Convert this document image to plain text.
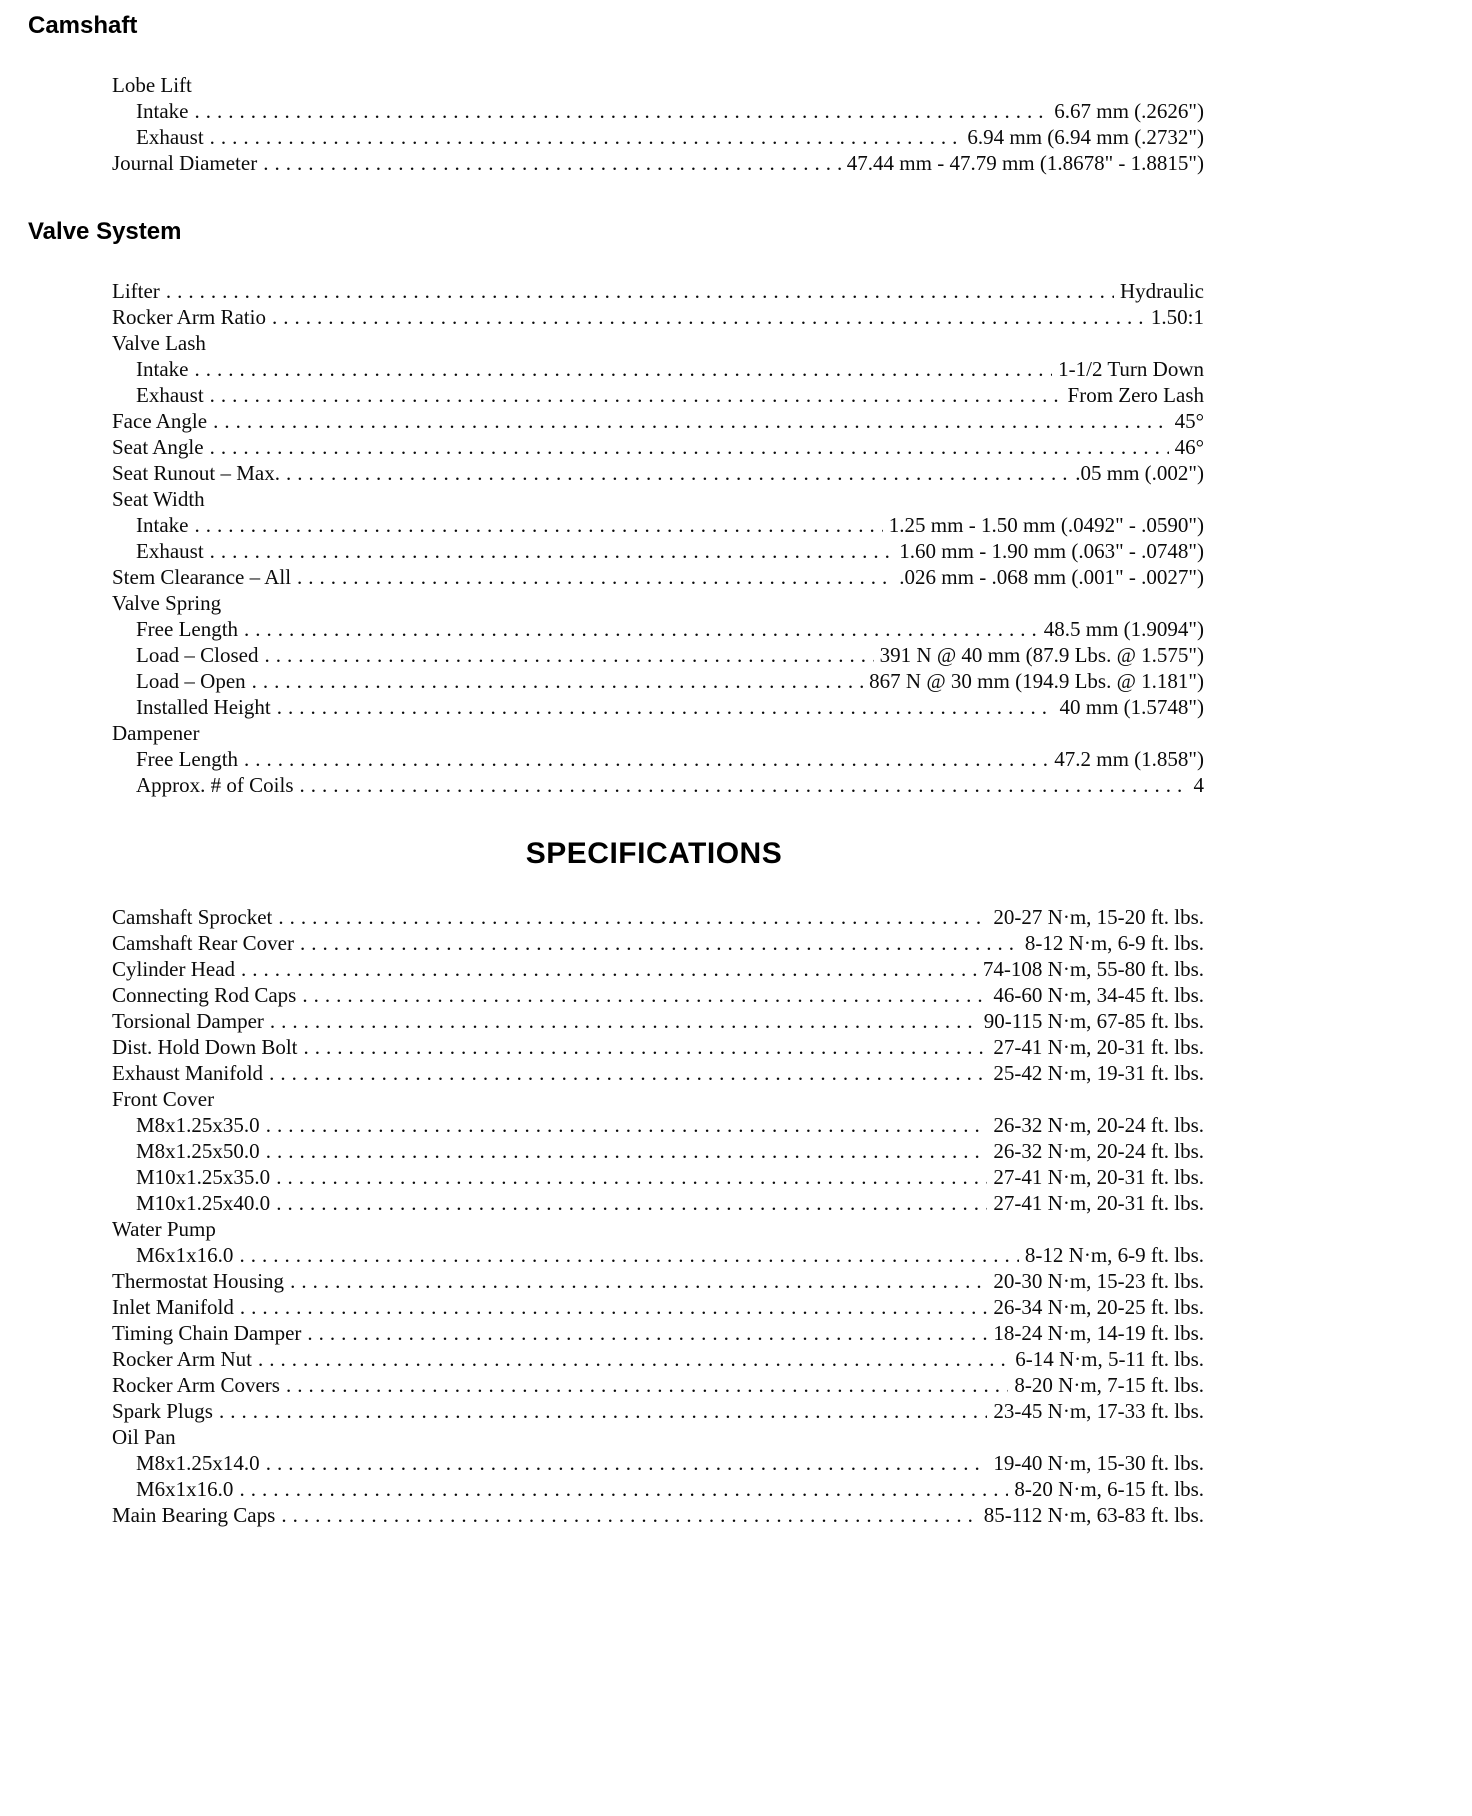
Camshaft
Lobe Lift
Intake .....	6.67 mm (.2626")
Exhaust .....	6.94 mm (6.94 mm (.2732")
Journal Diameter .....	47.44 mm - 47.79 mm (1.8678" - 1.8815")
Valve System
Lifter .....	Hydraulic
Rocker Arm Ratio .....	1.50:1
Valve Lash
Intake .....	1-1/2 Turn Down
Exhaust .....	From Zero Lash
Face Angle .....	45°
Seat Angle .....	46°
Seat Runout – Max. .....	.05 mm (.002")
Seat Width
Intake .....	1.25 mm - 1.50 mm (.0492" - .0590")
Exhaust .....	1.60 mm - 1.90 mm (.063" - .0748")
Stem Clearance – All .....	.026 mm - .068 mm (.001" - .0027")
Valve Spring
Free Length .....	48.5 mm (1.9094")
Load – Closed .....	391 N @ 40 mm (87.9 Lbs. @ 1.575")
Load – Open .....	867 N @ 30 mm (194.9 Lbs. @ 1.181")
Installed Height .....	40 mm (1.5748")
Dampener
Free Length .....	47.2 mm (1.858")
Approx. # of Coils .....	4
SPECIFICATIONS
Camshaft Sprocket .....	20-27 N·m, 15-20 ft. lbs.
Camshaft Rear Cover .....	8-12 N·m, 6-9 ft. lbs.
Cylinder Head .....	74-108 N·m, 55-80 ft. lbs.
Connecting Rod Caps .....	46-60 N·m, 34-45 ft. lbs.
Torsional Damper .....	90-115 N·m, 67-85 ft. lbs.
Dist. Hold Down Bolt .....	27-41 N·m, 20-31 ft. lbs.
Exhaust Manifold .....	25-42 N·m, 19-31 ft. lbs.
Front Cover
M8x1.25x35.0 .....	26-32 N·m, 20-24 ft. lbs.
M8x1.25x50.0 .....	26-32 N·m, 20-24 ft. lbs.
M10x1.25x35.0 .....	27-41 N·m, 20-31 ft. lbs.
M10x1.25x40.0 .....	27-41 N·m, 20-31 ft. lbs.
Water Pump
M6x1x16.0 .....	8-12 N·m, 6-9 ft. lbs.
Thermostat Housing .....	20-30 N·m, 15-23 ft. lbs.
Inlet Manifold .....	26-34 N·m, 20-25 ft. lbs.
Timing Chain Damper .....	18-24 N·m, 14-19 ft. lbs.
Rocker Arm Nut .....	6-14 N·m, 5-11 ft. lbs.
Rocker Arm Covers .....	8-20 N·m, 7-15 ft. lbs.
Spark Plugs .....	23-45 N·m, 17-33 ft. lbs.
Oil Pan
M8x1.25x14.0 .....	19-40 N·m, 15-30 ft. lbs.
M6x1x16.0 .....	8-20 N·m, 6-15 ft. lbs.
Main Bearing Caps .....	85-112 N·m, 63-83 ft. lbs.
